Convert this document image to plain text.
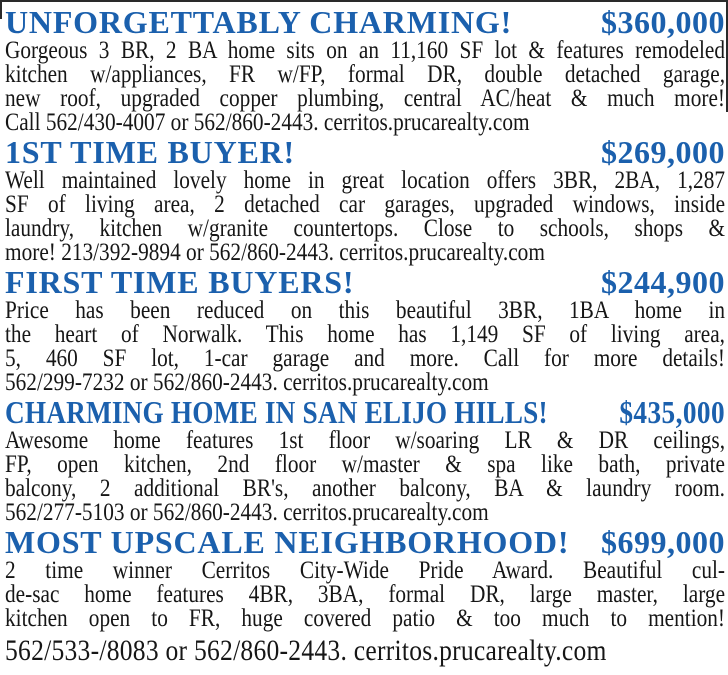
UNFORGETTABLY CHARMING!	$360,000
Gorgeous 3 BR, 2 BA home sits on an 11,160 SF lot & features remodeled
kitchen w/appliances, FR w/FP, formal DR, double detached garage,
new roof, upgraded copper plumbing, central AC/heat & much more!
Call 562/430-4007 or 562/860-2443. cerritos.prucarealty.com
1ST TIME BUYER!	$269,000
Well maintained lovely home in great location offers 3BR, 2BA, 1,287
SF of living area, 2 detached car garages, upgraded windows, inside
laundry, kitchen w/granite countertops. Close to schools, shops &
more! 213/392-9894 or 562/860-2443. cerritos.prucarealty.com
FIRST TIME BUYERS!	$244,900
Price has been reduced on this beautiful 3BR, 1BA home in
the heart of Norwalk. This home has 1,149 SF of living area,
5, 460 SF lot, 1-car garage and more. Call for more details!
562/299-7232 or 562/860-2443. cerritos.prucarealty.com
CHARMING HOME IN SAN ELIJO HILLS! $435,000
Awesome home features 1st floor w/soaring LR & DR ceilings,
FP, open kitchen, 2nd floor w/master & spa like bath, private
balcony, 2 additional BR's, another balcony, BA & laundry room.
562/277-5103 or 562/860-2443. cerritos.prucarealty.com
MOST UPSCALE NEIGHBORHOOD! $699,000
2 time winner Cerritos City-Wide Pride Award. Beautiful cul-
de-sac home features 4BR, 3BA, formal DR, large master, large
kitchen open to FR, huge covered patio & too much to mention!
562/533-/8083 or 562/860-2443. cerritos.prucarealty.com
